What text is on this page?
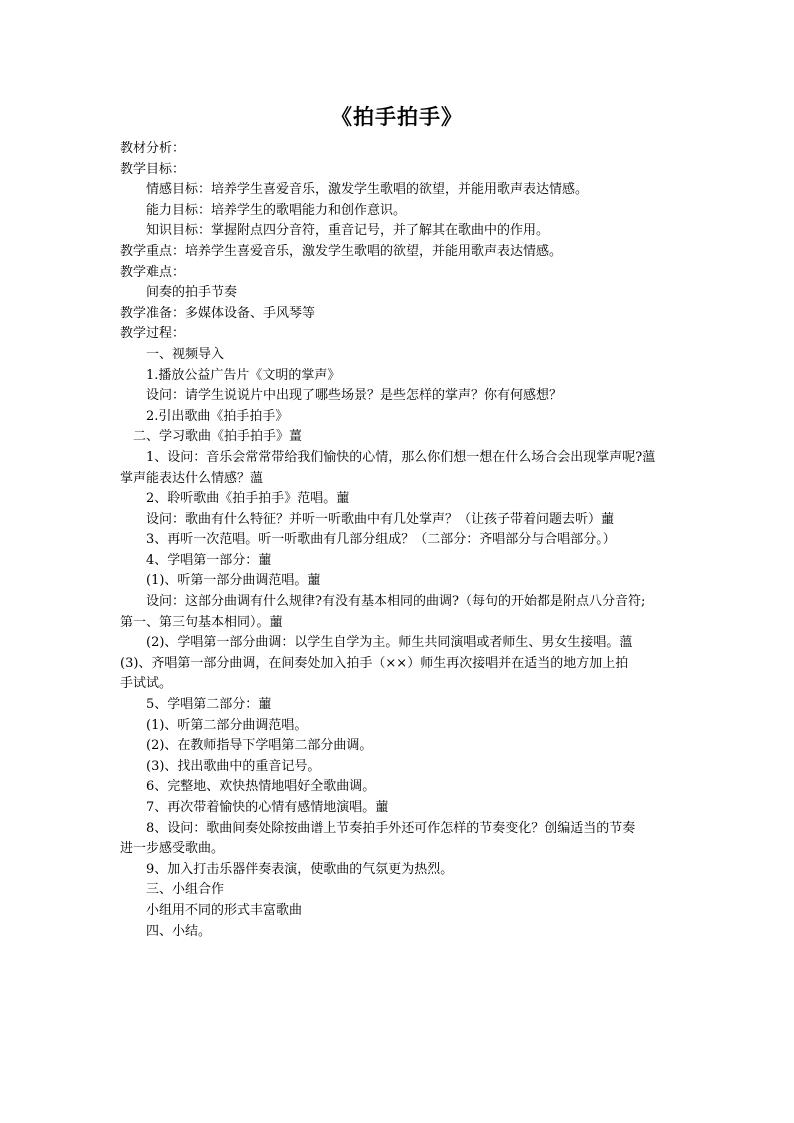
《拍手拍手》
教材分析：
教学目标：
情感目标：培养学生喜爱音乐，激发学生歌唱的欲望，并能用歌声表达情感。
能力目标：培养学生的歌唱能力和创作意识。
知识目标：掌握附点四分音符，重音记号，并了解其在歌曲中的作用。
教学重点：培养学生喜爱音乐，激发学生歌唱的欲望，并能用歌声表达情感。
教学难点：
间奏的拍手节奏
教学准备：多媒体设备、手风琴等
教学过程：
一、视频导入
1.播放公益广告片《文明的掌声》
设问：请学生说说片中出现了哪些场景？是些怎样的掌声？你有何感想？
2.引出歌曲《拍手拍手》
二、学习歌曲《拍手拍手》薑
1、设问：音乐会常常带给我们愉快的心情，那么你们想一想在什么场合会出现掌声呢?薀
掌声能表达什么情感？薀
2、聆听歌曲《拍手拍手》范唱。蘁
设问：歌曲有什么特征？并听一听歌曲中有几处掌声？（让孩子带着问题去听）蘁
3、再听一次范唱。听一听歌曲有几部分组成？（二部分：齐唱部分与合唱部分。）
4、学唱第一部分：蘁
(1)、听第一部分曲调范唱。蘁
设问：这部分曲调有什么规律?有没有基本相同的曲调?（每句的开始都是附点八分音符;
第一、第三句基本相同）。蘁
(2)、学唱第一部分曲调：以学生自学为主。师生共同演唱或者师生、男女生接唱。薀
(3)、齐唱第一部分曲调，在间奏处加入拍手（××）师生再次接唱并在适当的地方加上拍
手试试。
5、学唱第二部分：蘁
(1)、听第二部分曲调范唱。
(2)、在教师指导下学唱第二部分曲调。
(3)、找出歌曲中的重音记号。
6、完整地、欢快热情地唱好全歌曲调。
7、再次带着愉快的心情有感情地演唱。蘁
8、设问：歌曲间奏处除按曲谱上节奏拍手外还可作怎样的节奏变化？创编适当的节奏
进一步感受歌曲。
9、加入打击乐器伴奏表演，使歌曲的气氛更为热烈。
三、小组合作
小组用不同的形式丰富歌曲
四、小结。
